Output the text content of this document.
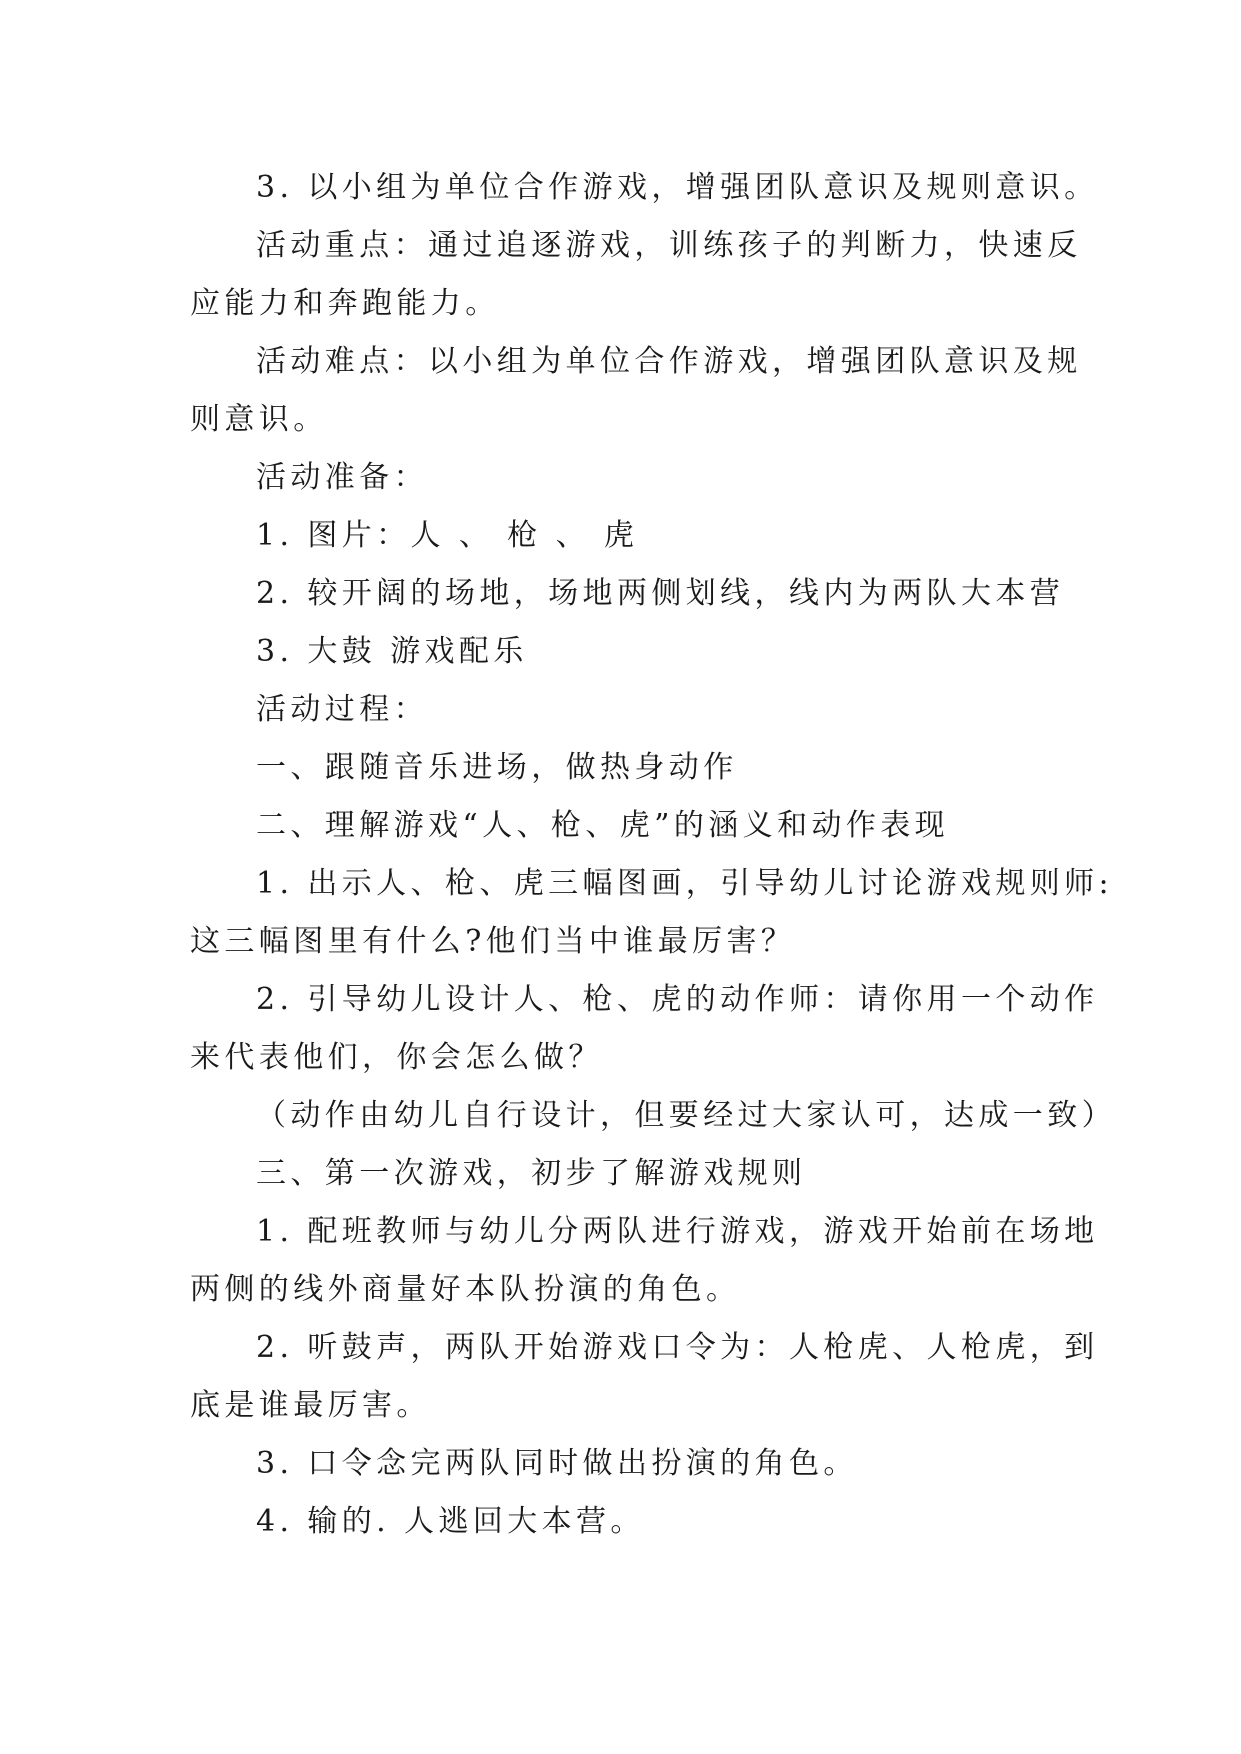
3. 以小组为单位合作游戏，增强团队意识及规则意识。
活动重点：通过追逐游戏，训练孩子的判断力，快速反
应能力和奔跑能力。
活动难点：以小组为单位合作游戏，增强团队意识及规
则意识。
活动准备：
1. 图片：人 、 枪 、 虎
2. 较开阔的场地，场地两侧划线，线内为两队大本营
3. 大鼓 游戏配乐
活动过程：
一、跟随音乐进场，做热身动作
二、理解游戏“人、枪、虎”的涵义和动作表现
1. 出示人、枪、虎三幅图画，引导幼儿讨论游戏规则师:
这三幅图里有什么?他们当中谁最厉害？
2. 引导幼儿设计人、枪、虎的动作师：请你用一个动作
来代表他们，你会怎么做？
（动作由幼儿自行设计，但要经过大家认可，达成一致）
三、第一次游戏，初步了解游戏规则
1. 配班教师与幼儿分两队进行游戏，游戏开始前在场地
两侧的线外商量好本队扮演的角色。
2. 听鼓声，两队开始游戏口令为：人枪虎、人枪虎，到
底是谁最厉害。
3. 口令念完两队同时做出扮演的角色。
4. 输的. 人逃回大本营。
